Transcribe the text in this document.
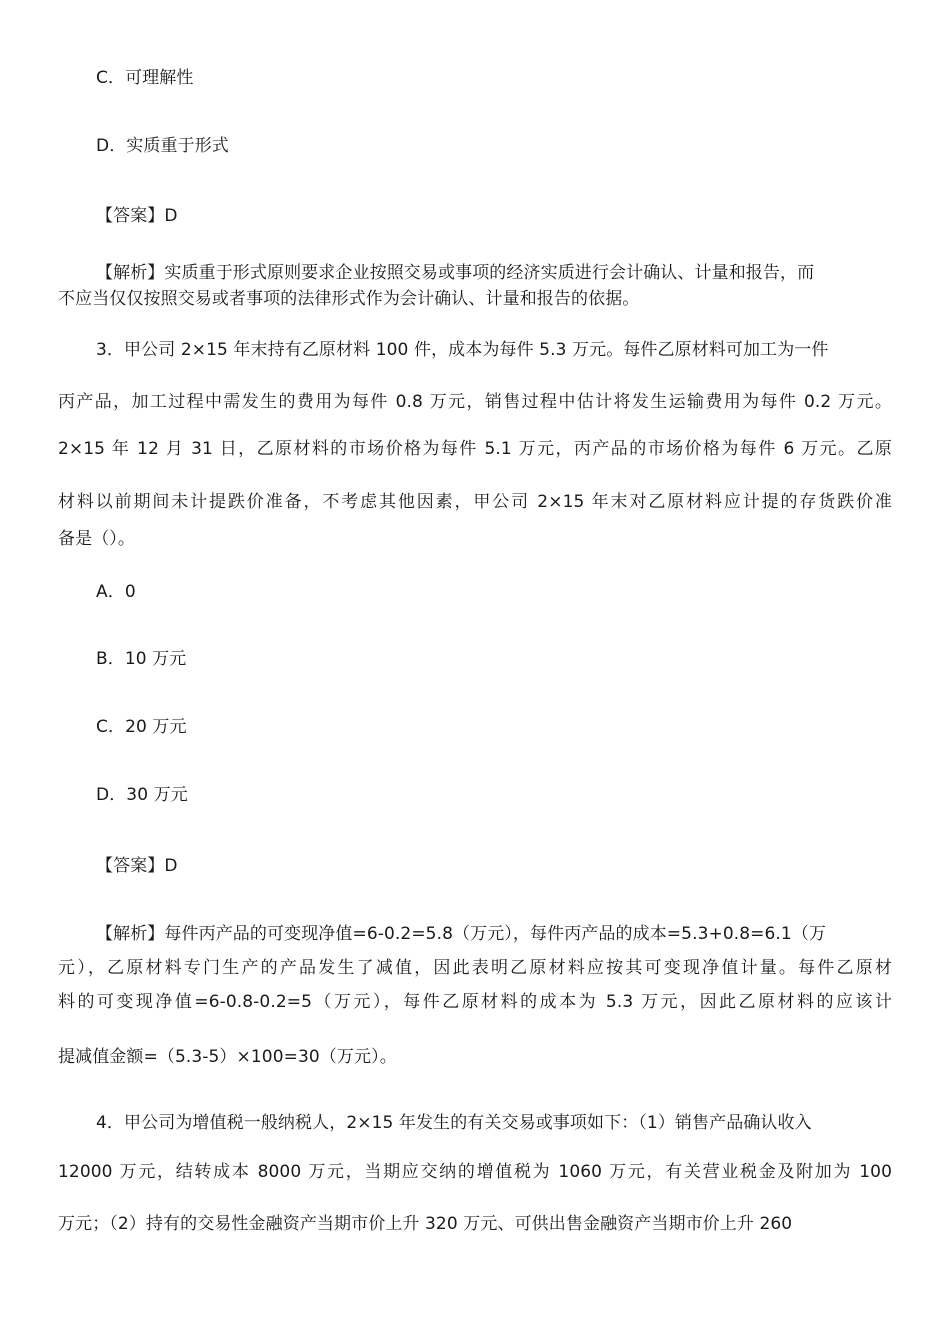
C．可理解性
D．实质重于形式
【答案】D
【解析】实质重于形式原则要求企业按照交易或事项的经济实质进行会计确认、计量和报告，而
不应当仅仅按照交易或者事项的法律形式作为会计确认、计量和报告的依据。
3．甲公司 2×15 年末持有乙原材料 100 件，成本为每件 5.3 万元。每件乙原材料可加工为一件
丙产品，加工过程中需发生的费用为每件 0.8 万元，销售过程中估计将发生运输费用为每件 0.2 万元。
2×15 年 12 月 31 日，乙原材料的市场价格为每件 5.1 万元，丙产品的市场价格为每件 6 万元。乙原
材料以前期间未计提跌价准备，不考虑其他因素，甲公司 2×15 年末对乙原材料应计提的存货跌价准
备是（）。
A．0
B．10 万元
C．20 万元
D．30 万元
【答案】D
【解析】每件丙产品的可变现净值=6-0.2=5.8（万元），每件丙产品的成本=5.3+0.8=6.1（万
元），乙原材料专门生产的产品发生了减值，因此表明乙原材料应按其可变现净值计量。每件乙原材
料的可变现净值=6-0.8-0.2=5（万元），每件乙原材料的成本为 5.3 万元，因此乙原材料的应该计
提减值金额=（5.3-5）×100=30（万元）。
4．甲公司为增值税一般纳税人，2×15 年发生的有关交易或事项如下：（1）销售产品确认收入
12000 万元，结转成本 8000 万元，当期应交纳的增值税为 1060 万元，有关营业税金及附加为 100
万元；（2）持有的交易性金融资产当期市价上升 320 万元、可供出售金融资产当期市价上升 260
